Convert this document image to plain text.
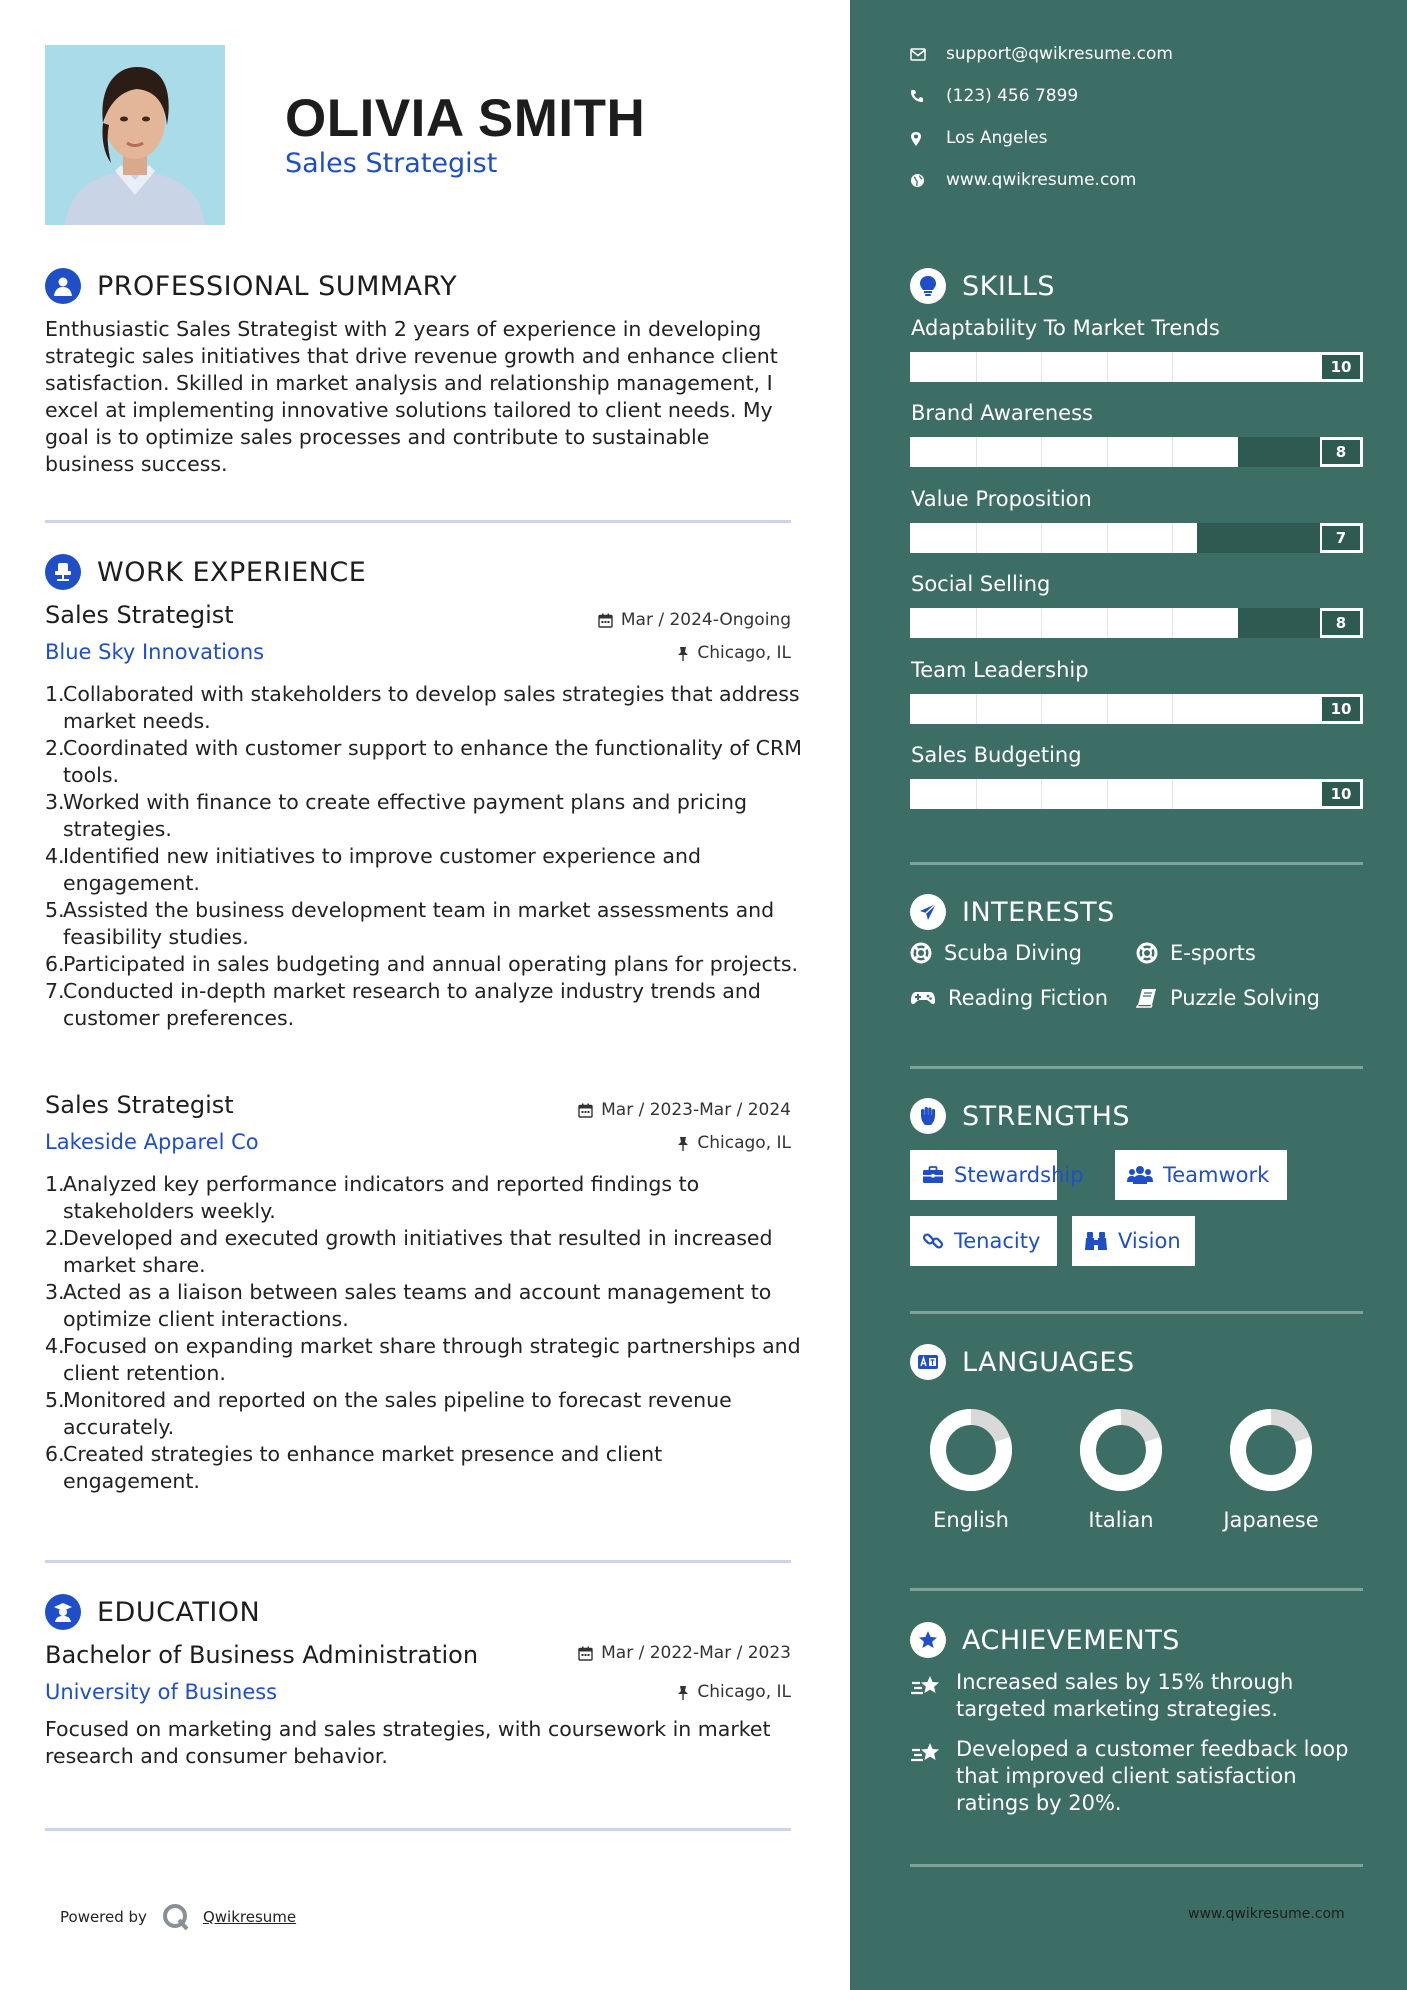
OLIVIA SMITH
Sales Strategist
PROFESSIONAL SUMMARY
Enthusiastic Sales Strategist with 2 years of experience in developing strategic sales initiatives that drive revenue growth and enhance client satisfaction. Skilled in market analysis and relationship management, I excel at implementing innovative solutions tailored to client needs. My goal is to optimize sales processes and contribute to sustainable business success.
WORK EXPERIENCE
Sales Strategist
Blue Sky Innovations
Mar / 2024-Ongoing
Chicago, IL
1.
Collaborated with stakeholders to develop sales strategies that address market needs.
2.
Coordinated with customer support to enhance the functionality of CRM tools.
3.
Worked with finance to create effective payment plans and pricing strategies.
4.
Identified new initiatives to improve customer experience and engagement.
5.
Assisted the business development team in market assessments and feasibility studies.
6.
Participated in sales budgeting and annual operating plans for projects.
7.
Conducted in-depth market research to analyze industry trends and customer preferences.
Sales Strategist
Lakeside Apparel Co
Mar / 2023-Mar / 2024
Chicago, IL
1.
Analyzed key performance indicators and reported findings to stakeholders weekly.
2.
Developed and executed growth initiatives that resulted in increased market share.
3.
Acted as a liaison between sales teams and account management to optimize client interactions.
4.
Focused on expanding market share through strategic partnerships and client retention.
5.
Monitored and reported on the sales pipeline to forecast revenue accurately.
6.
Created strategies to enhance market presence and client engagement.
EDUCATION
Bachelor of Business Administration
University of Business
Mar / 2022-Mar / 2023
Chicago, IL
Focused on marketing and sales strategies, with coursework in market research and consumer behavior.
Powered by	Qwikresume
support@qwikresume.com
(123) 456 7899
Los Angeles
www.qwikresume.com
SKILLS
Adaptability To Market Trends
10
Brand Awareness
8
Value Proposition
7
Social Selling
8
Team Leadership
10
Sales Budgeting
10
INTERESTS
Scuba Diving	E-sports
Reading Fiction	Puzzle Solving
STRENGTHS
Stewardship	Teamwork
Tenacity	Vision
LANGUAGES
English	Italian	Japanese
ACHIEVEMENTS
Increased sales by 15% through targeted marketing strategies.
Developed a customer feedback loop that improved client satisfaction ratings by 20%.
www.qwikresume.com
